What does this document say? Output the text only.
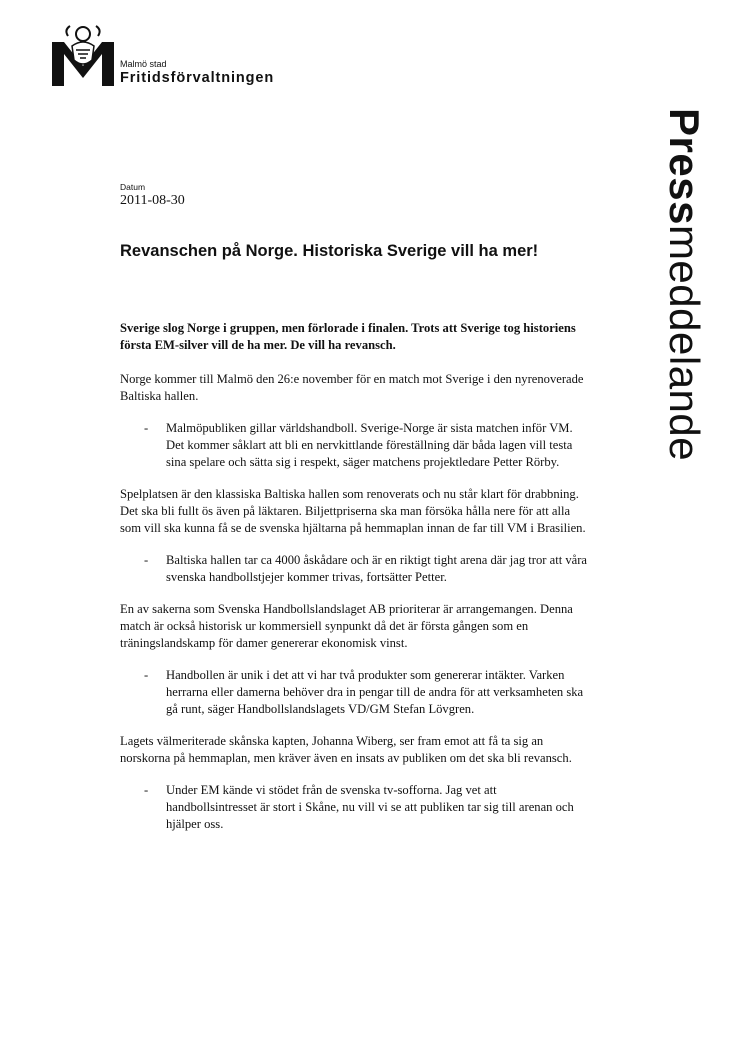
Malmö stad
Fritidsförvaltningen
Pressmeddelande
Datum
2011-08-30
Revanschen på Norge. Historiska Sverige vill ha mer!

Sverige slog Norge i gruppen, men förlorade i finalen. Trots att Sverige tog historiens första EM-silver vill de ha mer. De vill ha revansch.

Norge kommer till Malmö den 26:e november för en match mot Sverige i den nyrenoverade Baltiska hallen.

- Malmöpubliken gillar världshandboll. Sverige-Norge är sista matchen inför VM. Det kommer såklart att bli en nervkittlande föreställning där båda lagen vill testa sina spelare och sätta sig i respekt, säger matchens projektledare Petter Rörby.

Spelplatsen är den klassiska Baltiska hallen som renoverats och nu står klart för drabbning. Det ska bli fullt ös även på läktaren. Biljettpriserna ska man försöka hålla nere för att alla som vill ska kunna få se de svenska hjältarna på hemmaplan innan de far till VM i Brasilien.

- Baltiska hallen tar ca 4000 åskådare och är en riktigt tight arena där jag tror att våra svenska handbollstjejer kommer trivas, fortsätter Petter.

En av sakerna som Svenska Handbollslandslaget AB prioriterar är arrangemangen. Denna match är också historisk ur kommersiell synpunkt då det är första gången som en träningslandskamp för damer genererar ekonomisk vinst.

- Handbollen är unik i det att vi har två produkter som genererar intäkter. Varken herrarna eller damerna behöver dra in pengar till de andra för att verksamheten ska gå runt, säger Handbollslandslagets VD/GM Stefan Lövgren.

Lagets välmeriterade skånska kapten, Johanna Wiberg, ser fram emot att få ta sig an norskorna på hemmaplan, men kräver även en insats av publiken om det ska bli revansch.

- Under EM kände vi stödet från de svenska tv-sofforna. Jag vet att handbollsintresset är stort i Skåne, nu vill vi se att publiken tar sig till arenan och hjälper oss.
